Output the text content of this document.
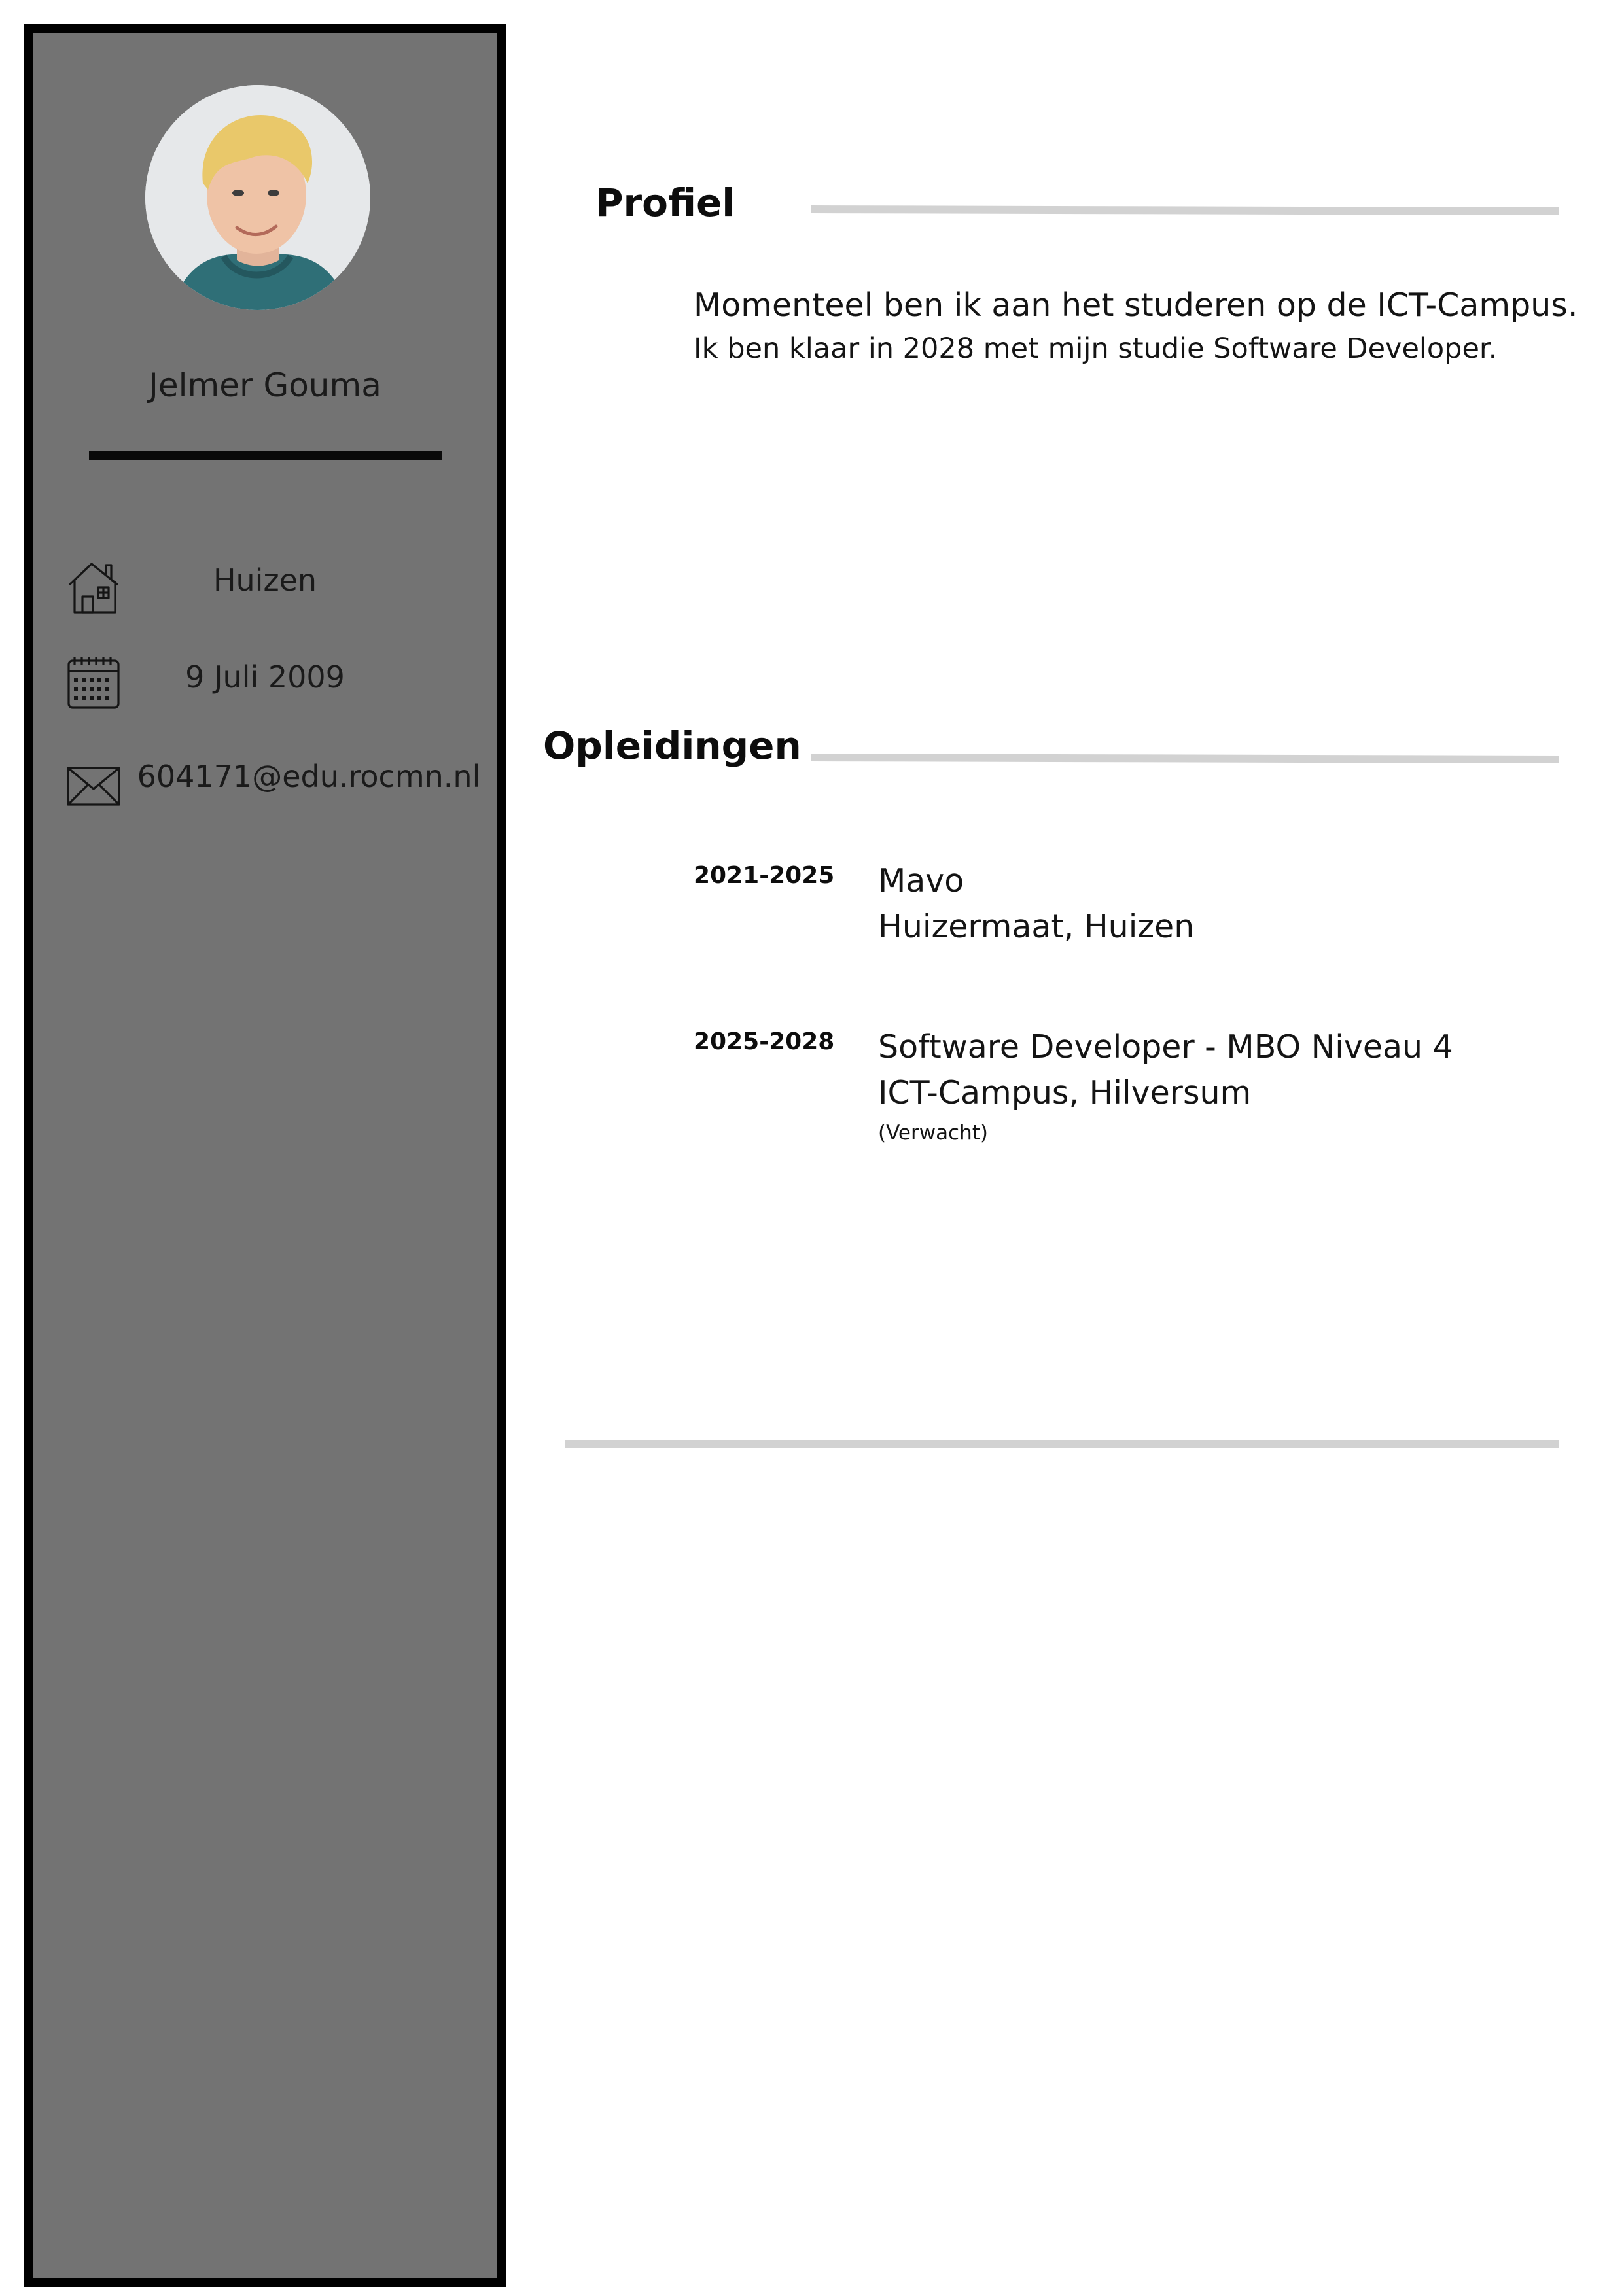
Jelmer Gouma
Huizen
9 Juli 2009
604171@edu.rocmn.nl
Profiel
Momenteel ben ik aan het studeren op de ICT-Campus.
Ik ben klaar in 2028 met mijn studie Software Developer.
Opleidingen
2021-2025 Mavo
Huizermaat, Huizen
2025-2028 Software Developer - MBO Niveau 4
ICT-Campus, Hilversum
(Verwacht)
